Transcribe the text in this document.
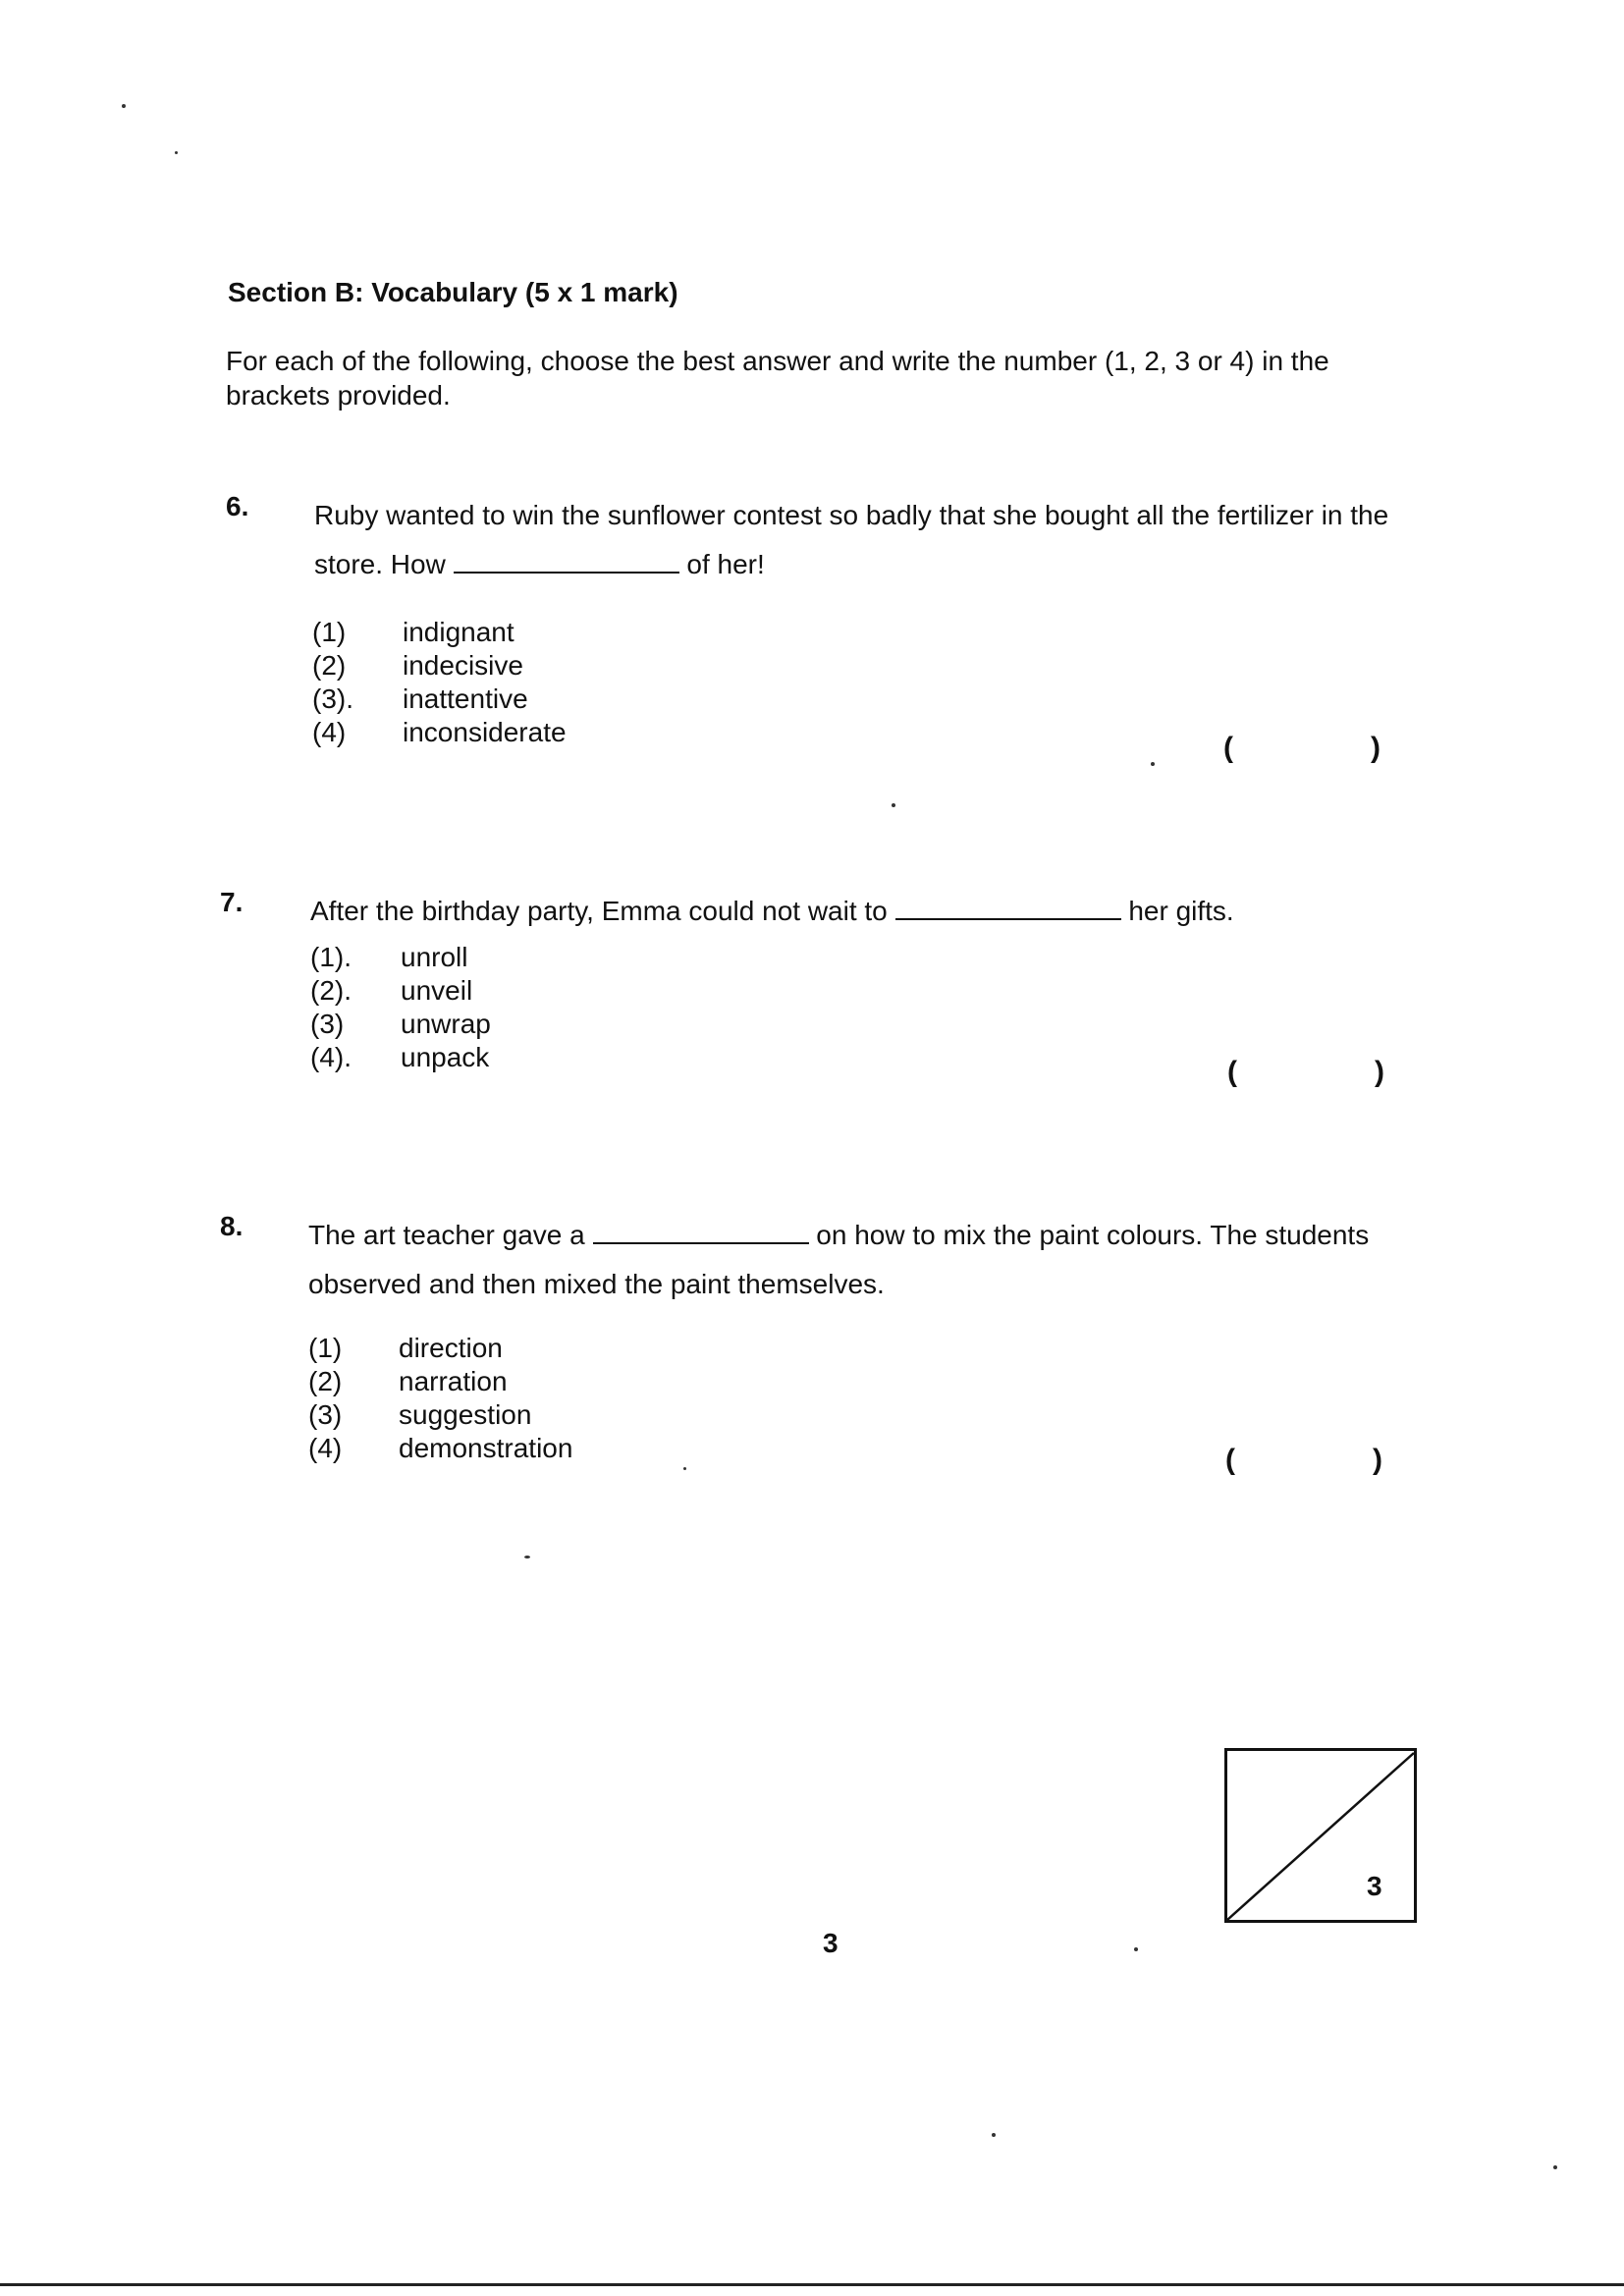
Section B: Vocabulary (5 x 1 mark)
For each of the following, choose the best answer and write the number (1, 2, 3 or 4) in the brackets provided.
6. Ruby wanted to win the sunflower contest so badly that she bought all the fertilizer in the store. How	of her!
(1)	indignant
(2)	indecisive
(3).	inattentive
(4)	inconsiderate	(	)
7. After the birthday party, Emma could not wait to	her gifts.
(1).	unroll
(2).	unveil
(3)	unwrap
(4).	unpack	(	)
8. The art teacher gave a	on how to mix the paint colours. The students observed and then mixed the paint themselves.
(1)	direction
(2)	narration
(3)	suggestion
(4)	demonstration	(	)
3
3
